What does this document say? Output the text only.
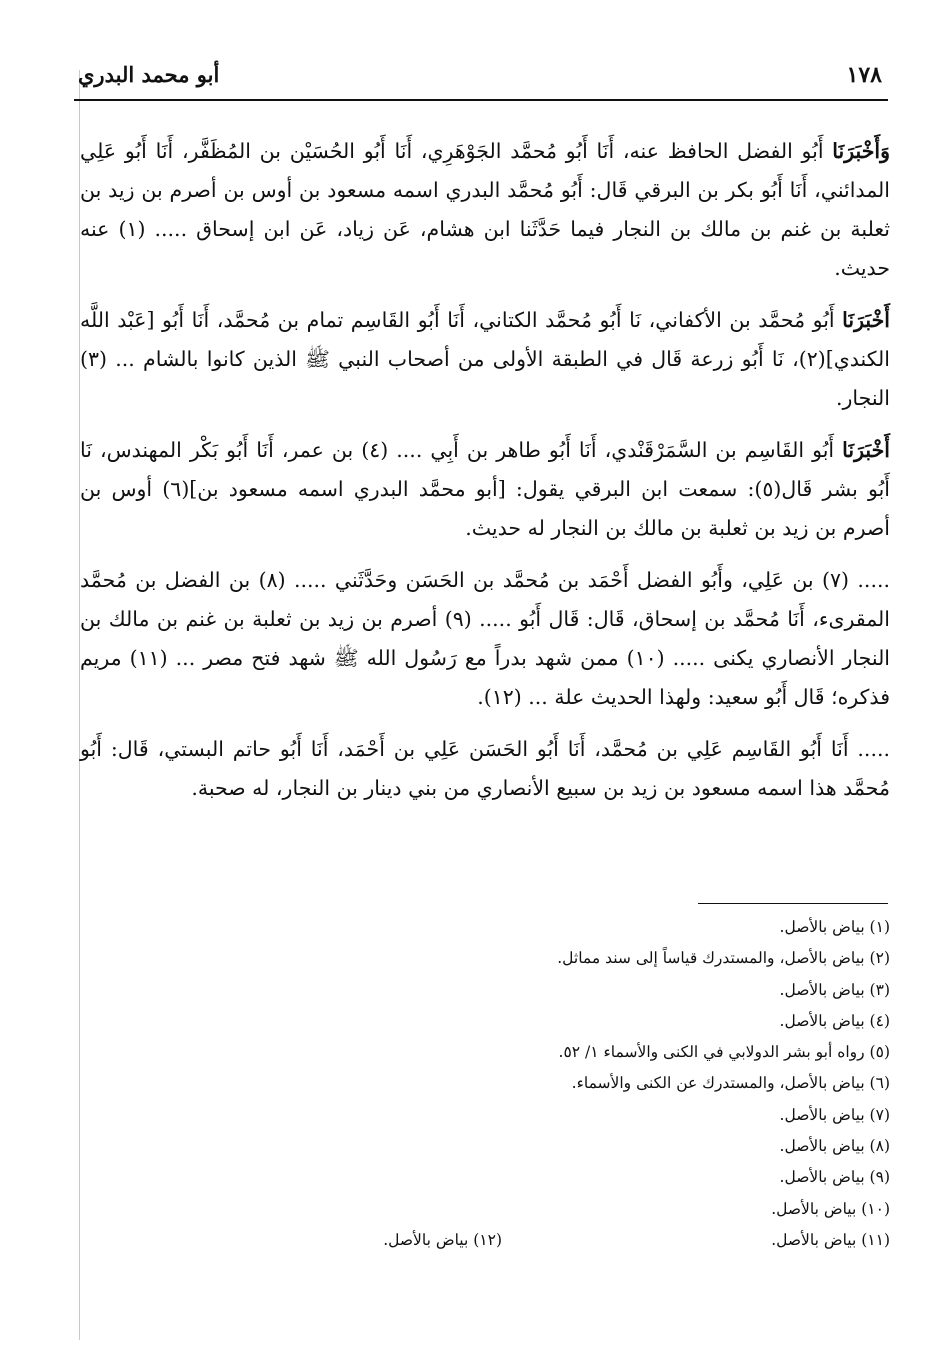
١٧٨
أبو محمد البدري

وَأَخْبَرَنَا أَبُو الفضل الحافظ عنه، أَنَا أَبُو مُحمَّد الجَوْهَرِي، أَنَا أَبُو الحُسَيْن بن المُظَفَّر، أَنَا أَبُو عَلِي المدائني، أَنَا أَبُو بكر بن البرقي قَال: أَبُو مُحمَّد البدري اسمه مسعود بن أوس بن أصرم بن زيد بن ثعلبة بن غنم بن مالك بن النجار فيما حَدَّثَنا ابن هشام، عَن زياد، عَن ابن إسحاق ..... (١) عنه حديث.

أَخْبَرَنَا أَبُو مُحمَّد بن الأكفاني، نَا أَبُو مُحمَّد الكتاني، أَنَا أَبُو القَاسِم تمام بن مُحمَّد، أَنَا أَبُو [عَبْد اللَّه الكندي](٢)، نَا أَبُو زرعة قَال في الطبقة الأولى من أصحاب النبي ﷺ الذين كانوا بالشام ... (٣) النجار.

أَخْبَرَنَا أَبُو القَاسِم بن السَّمَرْقَنْدي، أَنَا أَبُو طاهر بن أَبِي .... (٤) بن عمر، أَنَا أَبُو بَكْر المهندس، نَا أَبُو بشر قَال(٥): سمعت ابن البرقي يقول: [أبو محمَّد البدري اسمه مسعود بن](٦) أوس بن أصرم بن زيد بن ثعلبة بن مالك بن النجار له حديث.

..... (٧) بن عَلِي، وأَبُو الفضل أَحْمَد بن مُحمَّد بن الحَسَن وحَدَّثَني ..... (٨) بن الفضل بن مُحمَّد المقرىء، أَنَا مُحمَّد بن إسحاق، قَال: قَال أَبُو ..... (٩) أصرم بن زيد بن ثعلبة بن غنم بن مالك بن النجار الأنصاري يكنى ..... (١٠) ممن شهد بدراً مع رَسُول الله ﷺ شهد فتح مصر ... (١١) مريم فذكره؛ قَال أَبُو سعيد: ولهذا الحديث علة ... (١٢).

..... أَنَا أَبُو القَاسِم عَلِي بن مُحمَّد، أَنَا أَبُو الحَسَن عَلِي بن أَحْمَد، أَنَا أَبُو حاتم البستي، قَال: أَبُو مُحمَّد هذا اسمه مسعود بن زيد بن سبيع الأنصاري من بني دينار بن النجار، له صحبة.

(١) بياض بالأصل.
(٢) بياض بالأصل، والمستدرك قياساً إلى سند مماثل.
(٣) بياض بالأصل.
(٤) بياض بالأصل.
(٥) رواه أبو بشر الدولابي في الكنى والأسماء ١/ ٥٢.
(٦) بياض بالأصل، والمستدرك عن الكنى والأسماء.
(٧) بياض بالأصل.
(٨) بياض بالأصل.
(٩) بياض بالأصل.
(١٠) بياض بالأصل.
(١١) بياض بالأصل.
(١٢) بياض بالأصل.
